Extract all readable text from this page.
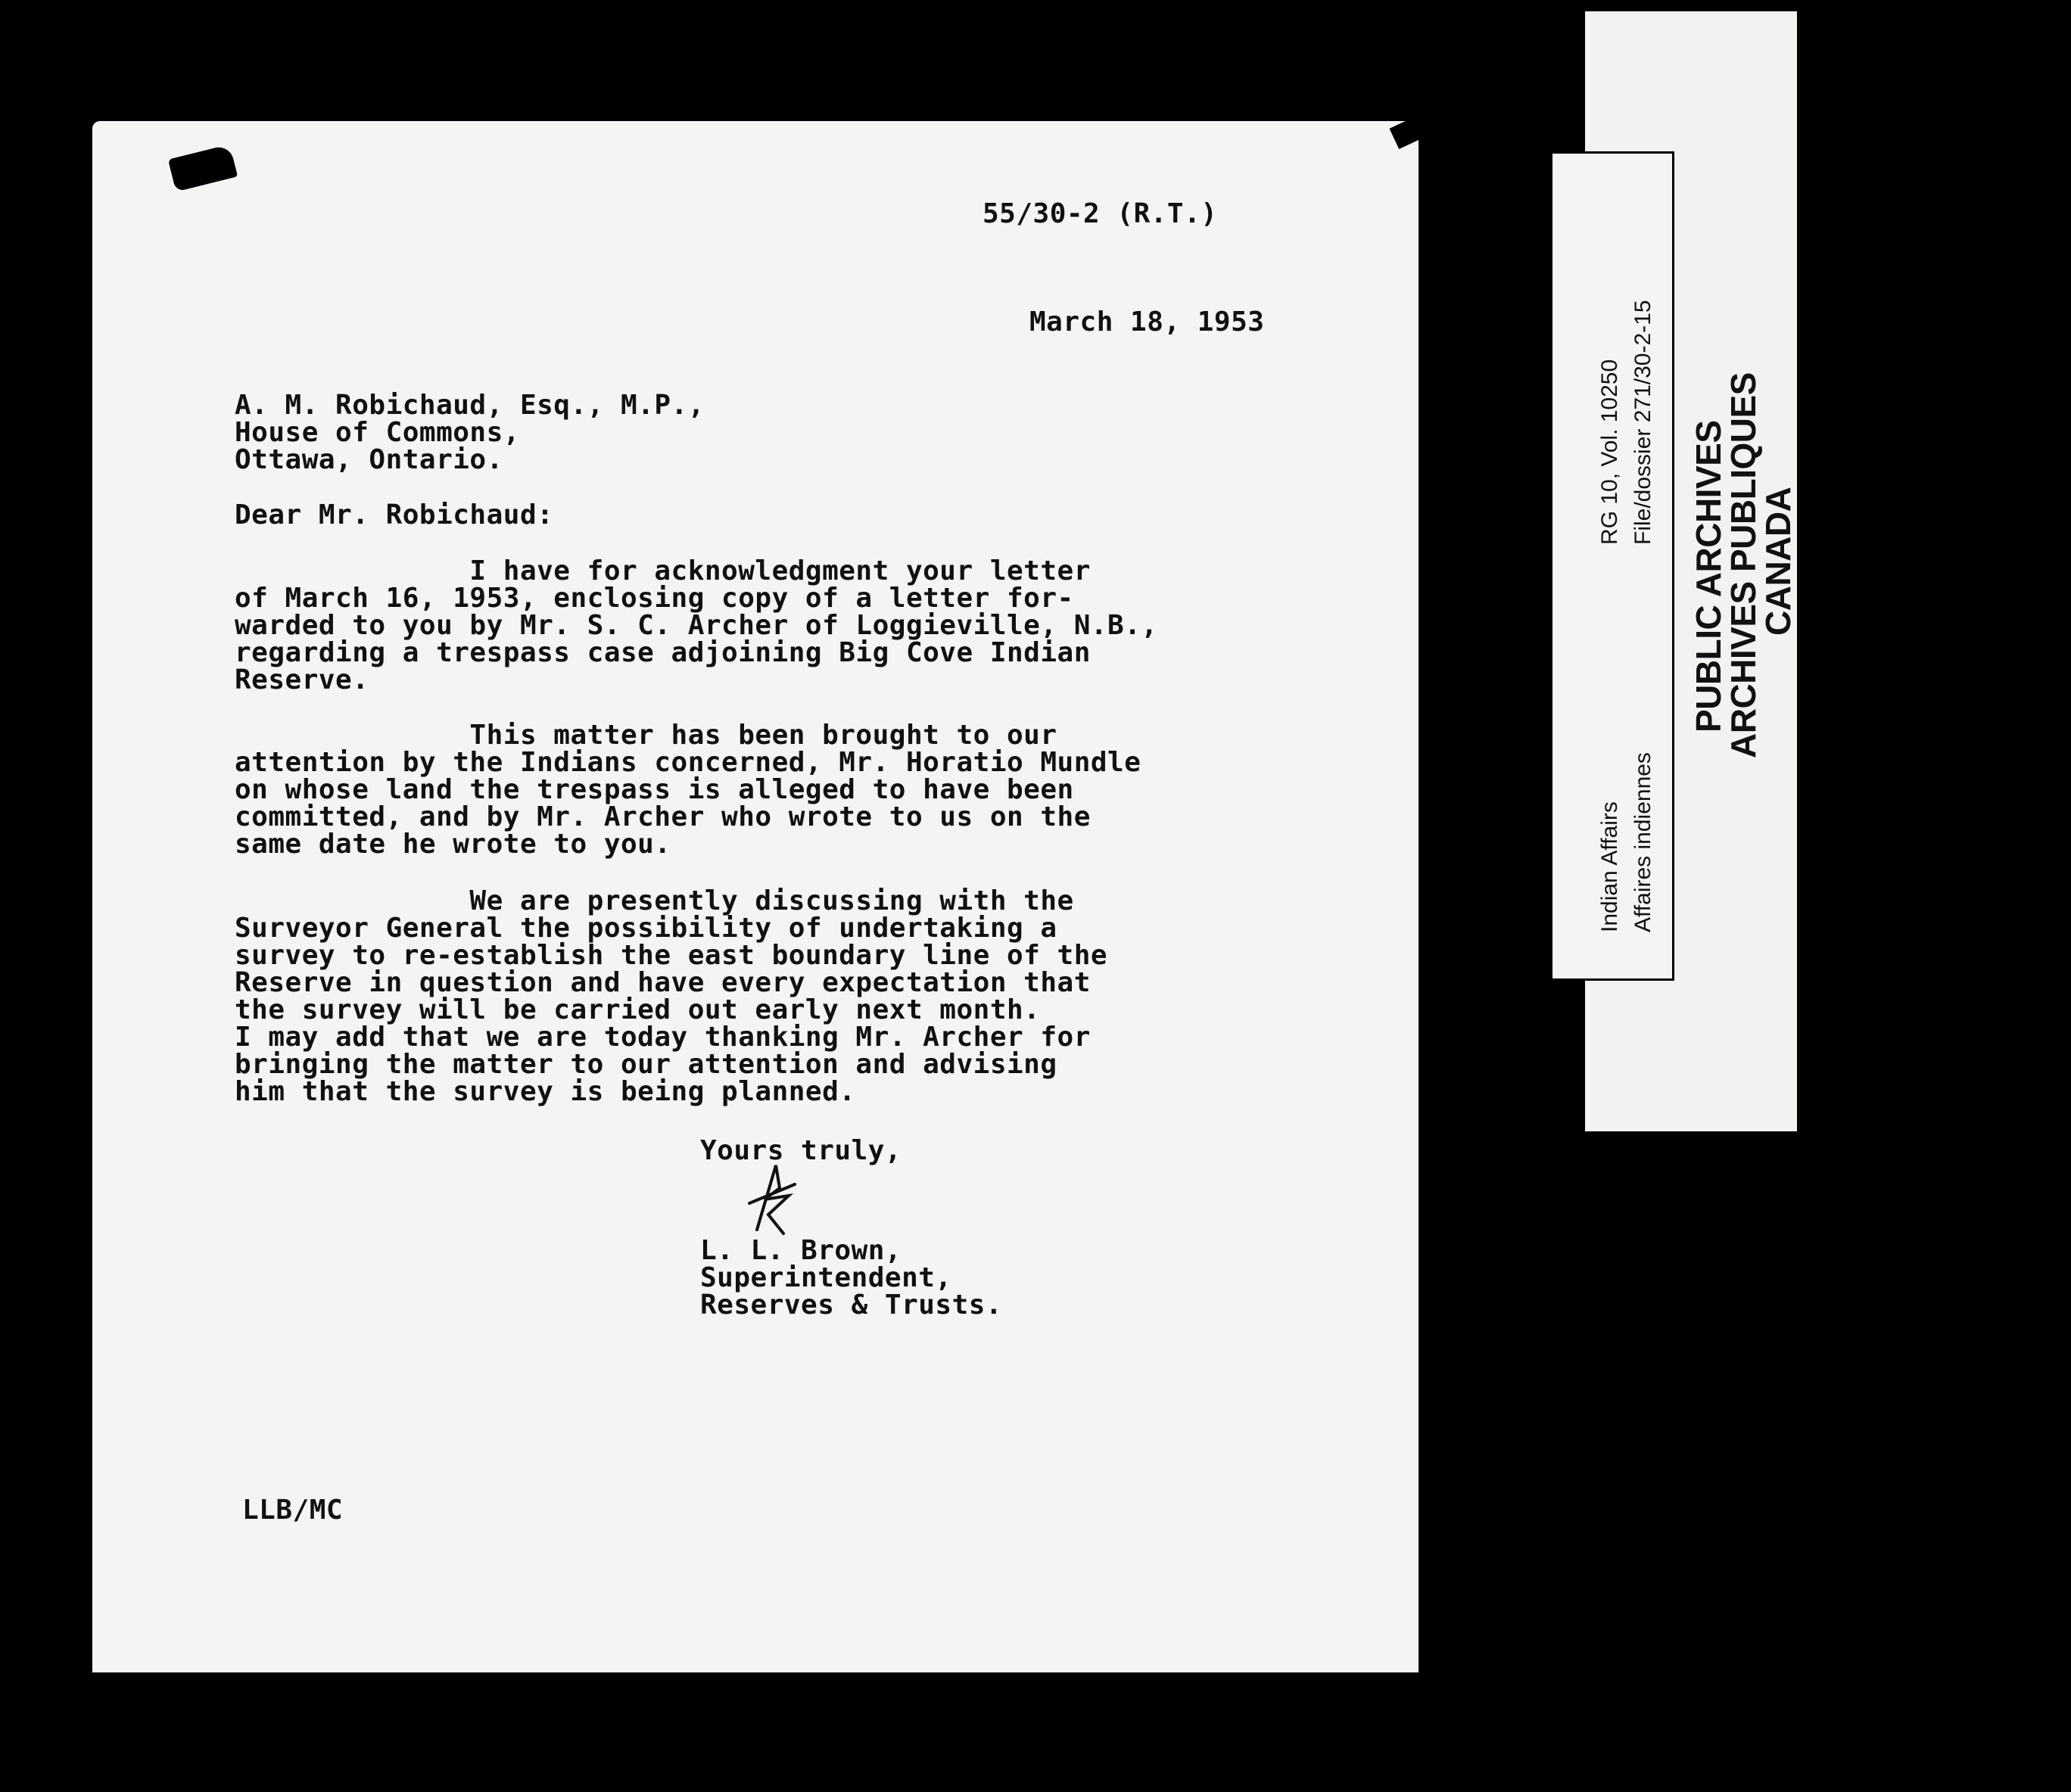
55/30-2 (R.T.)
March 18, 1953
A. M. Robichaud, Esq., M.P.,
House of Commons,
Ottawa, Ontario.
Dear Mr. Robichaud:
I have for acknowledgment your letter
of March 16, 1953, enclosing copy of a letter for-
warded to you by Mr. S. C. Archer of Loggieville, N.B.,
regarding a trespass case adjoining Big Cove Indian
Reserve.
This matter has been brought to our
attention by the Indians concerned, Mr. Horatio Mundle
on whose land the trespass is alleged to have been
committed, and by Mr. Archer who wrote to us on the
same date he wrote to you.
We are presently discussing with the
Surveyor General the possibility of undertaking a
survey to re-establish the east boundary line of the
Reserve in question and have every expectation that
the survey will be carried out early next month.
I may add that we are today thanking Mr. Archer for
bringing the matter to our attention and advising
him that the survey is being planned.
Yours truly,
L. L. Brown,
Superintendent,
Reserves & Trusts.
LLB/MC

Indian Affairs Affaires indiennes

RG 10, Vol. 10250 File/dossier 271/30-2-15 PUBLIC ARCHIVES

ARCHIVES PUBLIQUES

CANADA
